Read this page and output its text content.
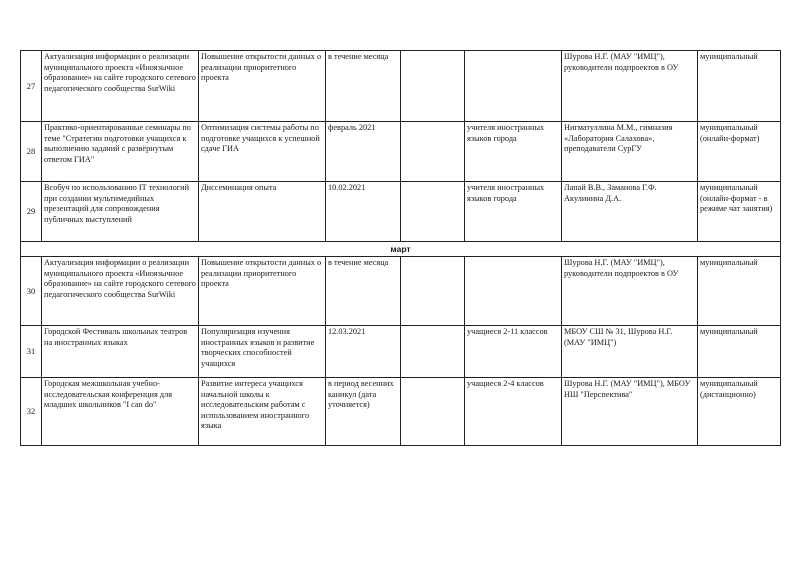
27	Актуализация информации о реализации муниципального проекта «Иноязычное образование» на сайте городского сетевого педагогического сообщества SurWiki	Повышение открытости данных о реализации приоритетного проекта	в течение месяца			Шурова Н.Г. (МАУ "ИМЦ"), руководители подпроектов в ОУ	муниципальный
28	Практико-ориентированные семинары по теме "Стратегии подготовки учащихся к выполнению заданий с развёрнутым ответом ГИА"	Оптимизация системы работы по подготовке учащихся к успешной сдаче ГИА	февраль 2021		учителя иностранных языков города	Нигматуллина М.М., гимназия «Лаборатория Салахова», преподаватели СурГУ	муниципальный (онлайн-формат)
29	Всобуч по использованию IT технологий при создании мультимедийных презентаций для сопровождения публичных выступлений	Диссеминация опыта	10.02.2021		учителя иностранных языков города	Лапай В.В., Заманова Г.Ф. Акулинина Д.А.	муниципальный (онлайн-формат - в режиме чат занятия)
март							
30	Актуализация информации о реализации муниципального проекта «Иноязычное образование» на сайте городского сетевого педагогического сообщества SurWiki	Повышение открытости данных о реализации приоритетного проекта	в течение месяца			Шурова Н.Г. (МАУ "ИМЦ"), руководители подпроектов в ОУ	муниципальный
31	Городской Фестиваль школьных театров на иностранных языках	Популяризация изучения иностранных языков и развитие творческих способностей учащихся	12.03.2021		учащиеся 2-11 классов	МБОУ СШ № 31, Шурова Н.Г. (МАУ "ИМЦ")	муниципальный
32	Городская межшкольная учебно-исследовательская конференция для младших школьников "I can do"	Развитие интереса учащихся начальной школы к исследовательским работам с использованием иностранного языка	в период весенних каникул (дата уточняется)		учащиеся 2-4 классов	Шурова Н.Г. (МАУ "ИМЦ"), МБОУ НШ "Перспектива"	муниципальный (дистанционно)
